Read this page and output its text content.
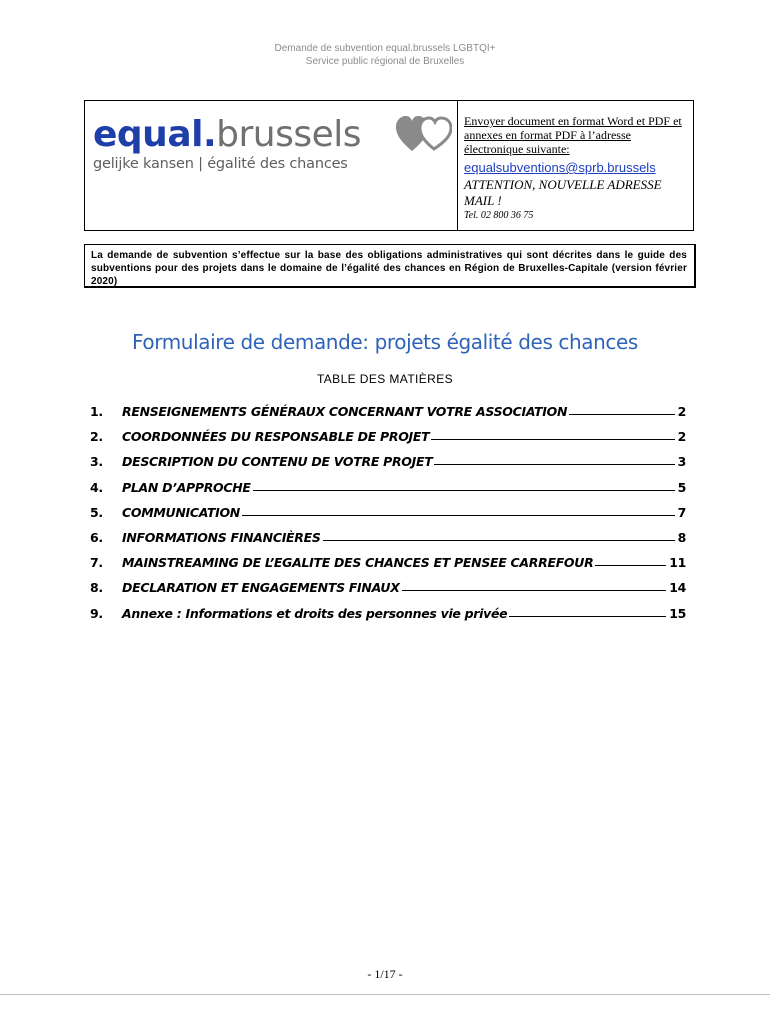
Demande de subvention equal.brussels LGBTQI+
Service public régional de Bruxelles
equal.brussels
gelijke kansen | égalité des chances
Envoyer document en format Word et PDF et annexes en format PDF à l’adresse électronique suivante:
equalsubventions@sprb.brussels
ATTENTION, NOUVELLE ADRESSE MAIL !
Tel. 02 800 36 75
La demande de subvention s’effectue sur la base des obligations administratives qui sont décrites dans le guide des subventions pour des projets dans le domaine de l’égalité des chances en Région de Bruxelles-Capitale (version février 2020)
Formulaire de demande: projets égalité des chances
TABLE DES MATIÈRES
1.	RENSEIGNEMENTS GÉNÉRAUX CONCERNANT VOTRE ASSOCIATION	2
2.	COORDONNÉES DU RESPONSABLE DE PROJET	2
3.	DESCRIPTION DU CONTENU DE VOTRE PROJET	3
4.	PLAN D’APPROCHE	5
5.	COMMUNICATION	7
6.	INFORMATIONS FINANCIÈRES	8
7.	MAINSTREAMING DE L’EGALITE DES CHANCES ET PENSEE CARREFOUR	11
8.	DECLARATION ET ENGAGEMENTS FINAUX	14
9.	Annexe : Informations et droits des personnes vie privée	15
- 1/17 -
